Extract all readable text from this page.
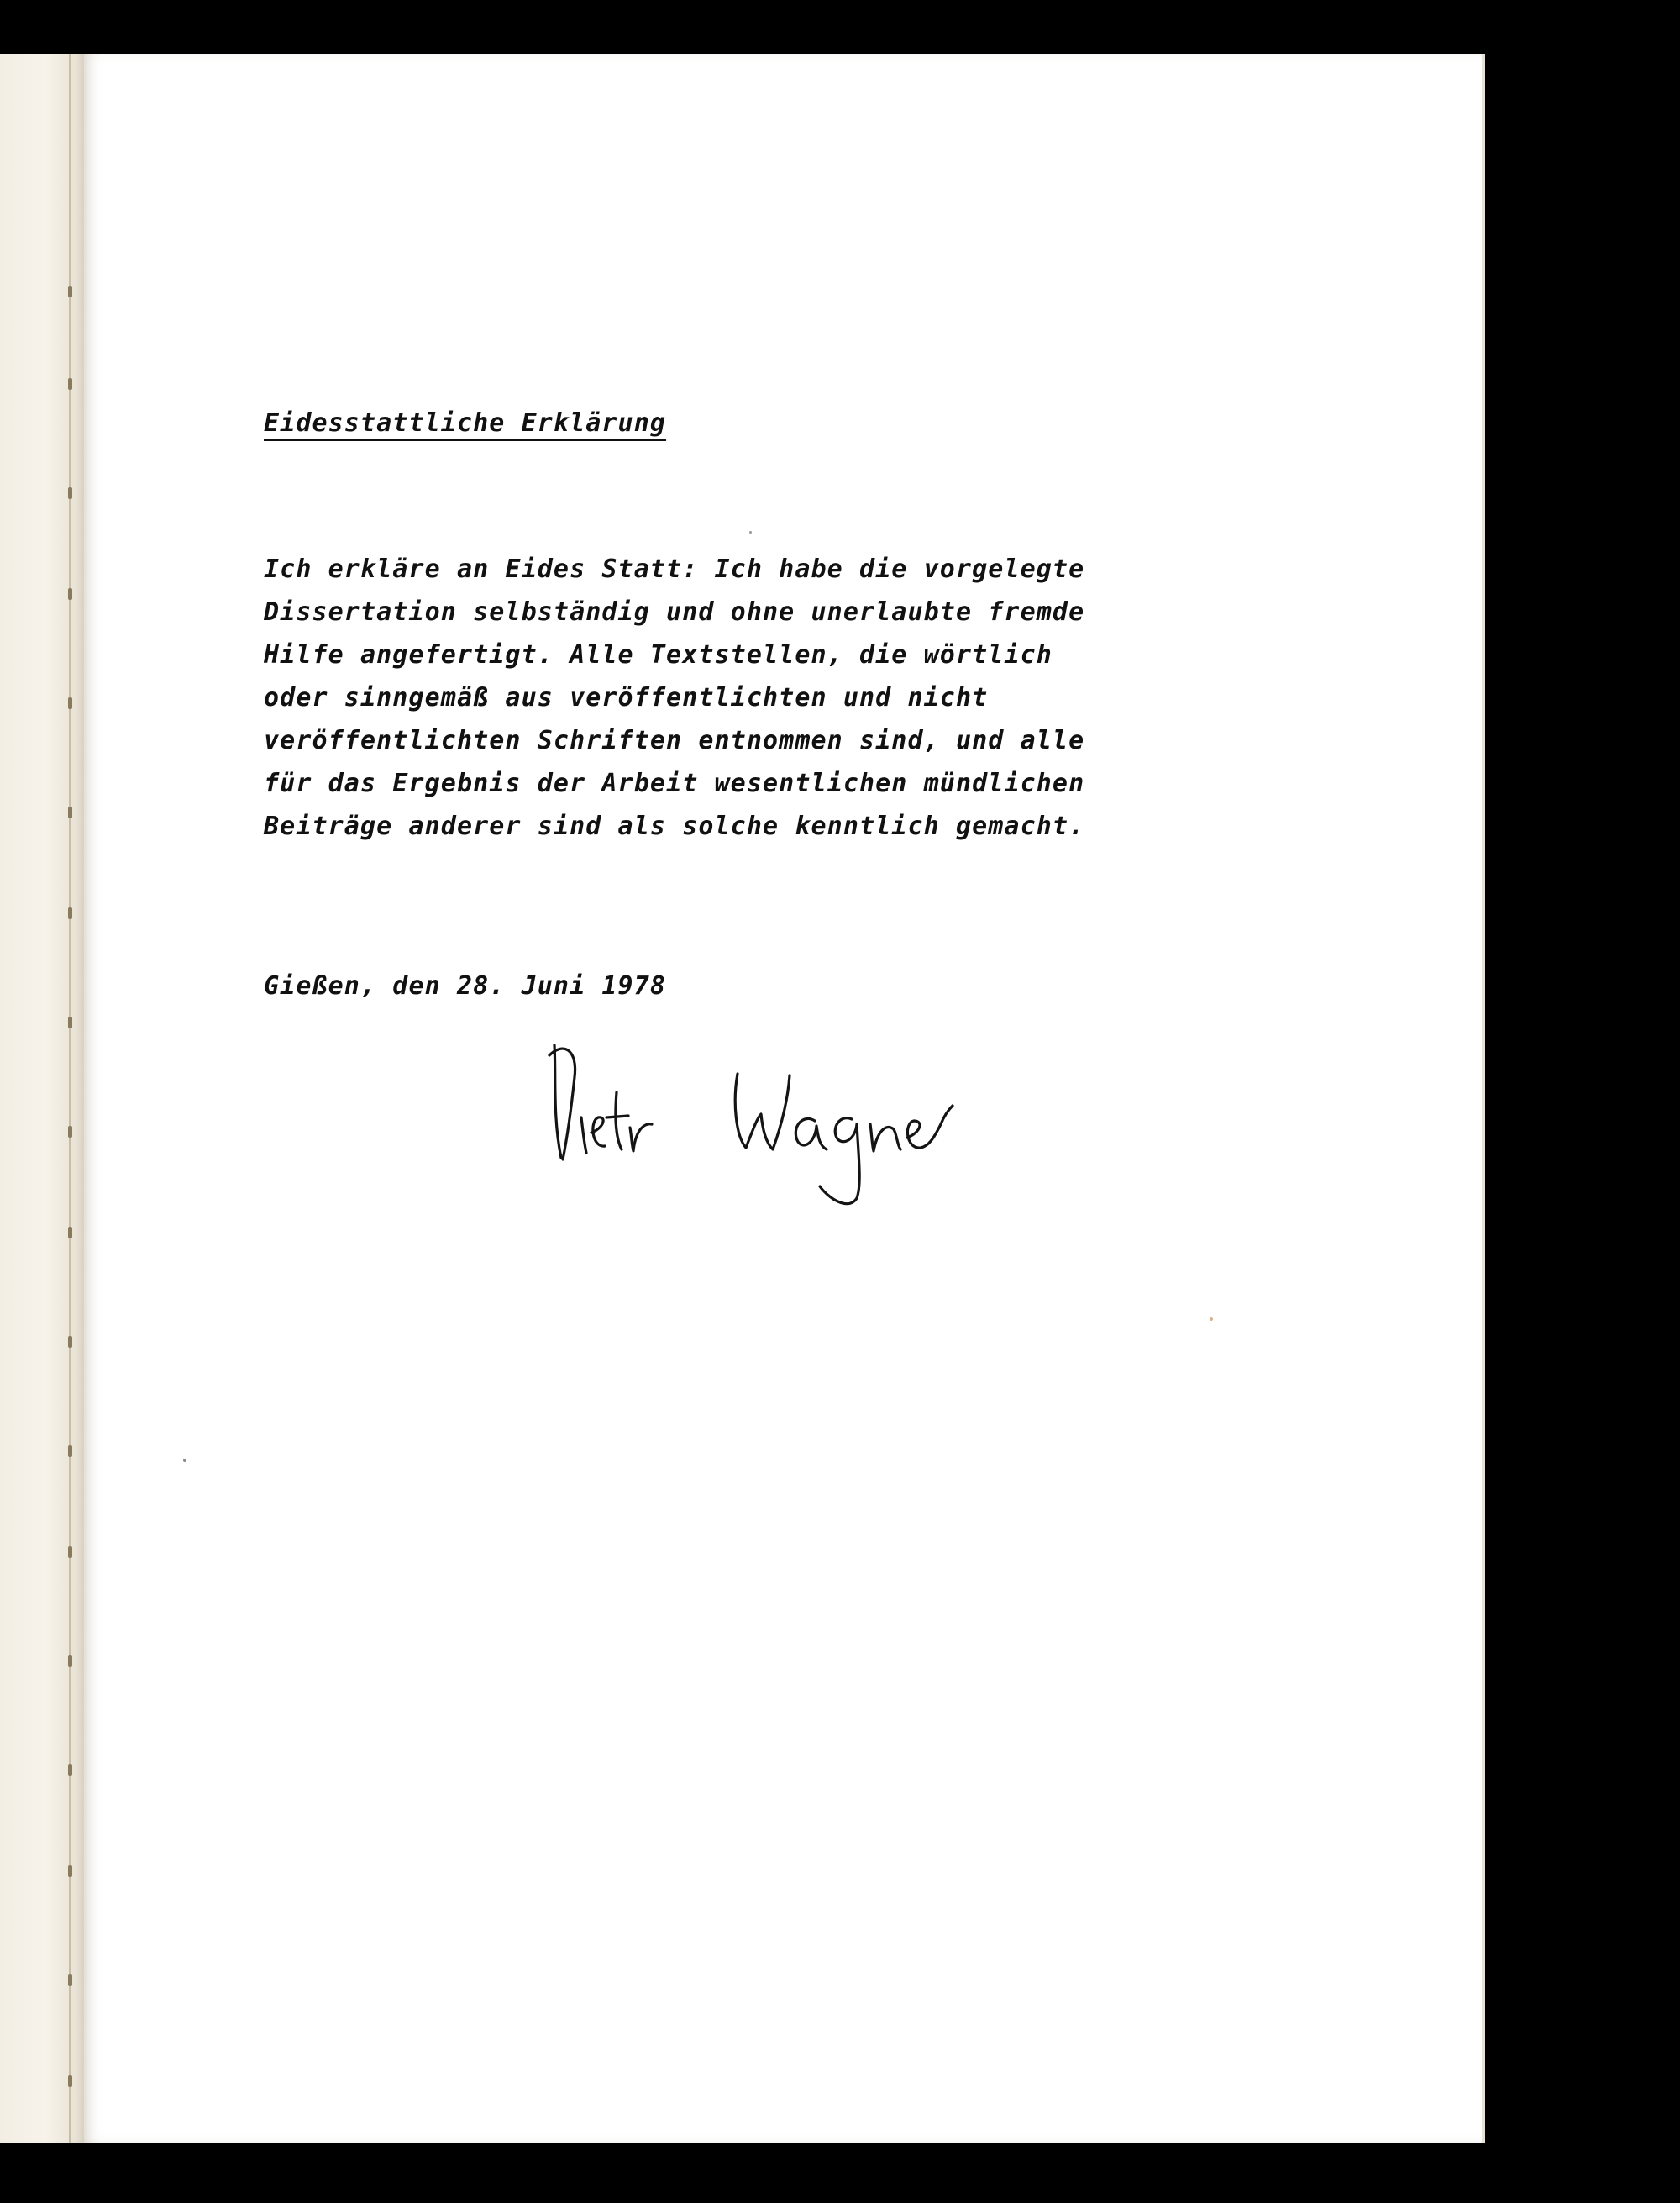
Eidesstattliche Erklärung
Ich erkläre an Eides Statt: Ich habe die vorgelegte
Dissertation selbständig und ohne unerlaubte fremde
Hilfe angefertigt. Alle Textstellen, die wörtlich
oder sinngemäß aus veröffentlichten und nicht
veröffentlichten Schriften entnommen sind, und alle
für das Ergebnis der Arbeit wesentlichen mündlichen
Beiträge anderer sind als solche kenntlich gemacht.
Gießen, den 28. Juni 1978
